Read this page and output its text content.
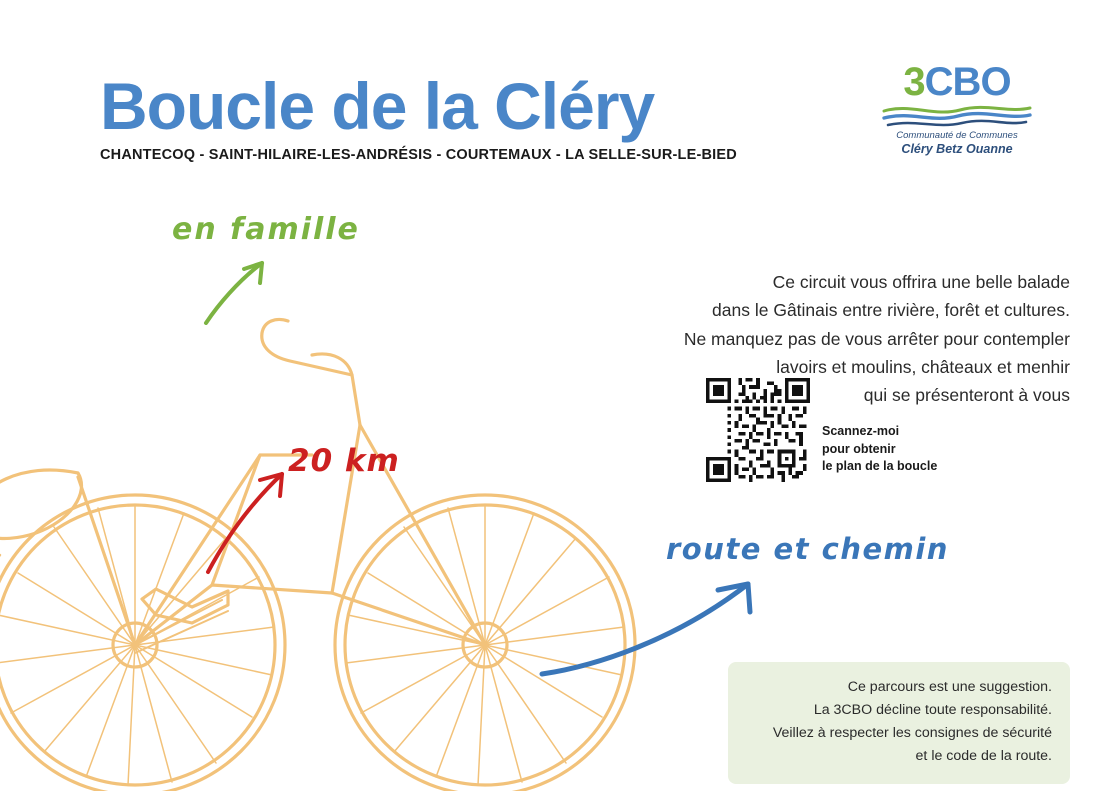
Boucle de la Cléry
CHANTECOQ - SAINT-HILAIRE-LES-ANDRÉSIS - COURTEMAUX - LA SELLE-SUR-LE-BIED
3CBO
Communauté de Communes
Cléry Betz Ouanne
en famille
20 km
route et chemin
Ce circuit vous offrira une belle balade
dans le Gâtinais entre rivière, forêt et cultures.
Ne manquez pas de vous arrêter pour contempler
lavoirs et moulins, châteaux et menhir
qui se présenteront à vous
Scannez-moi
pour obtenir
le plan de la boucle
Ce parcours est une suggestion.
La 3CBO décline toute responsabilité.
Veillez à respecter les consignes de sécurité
et le code de la route.
